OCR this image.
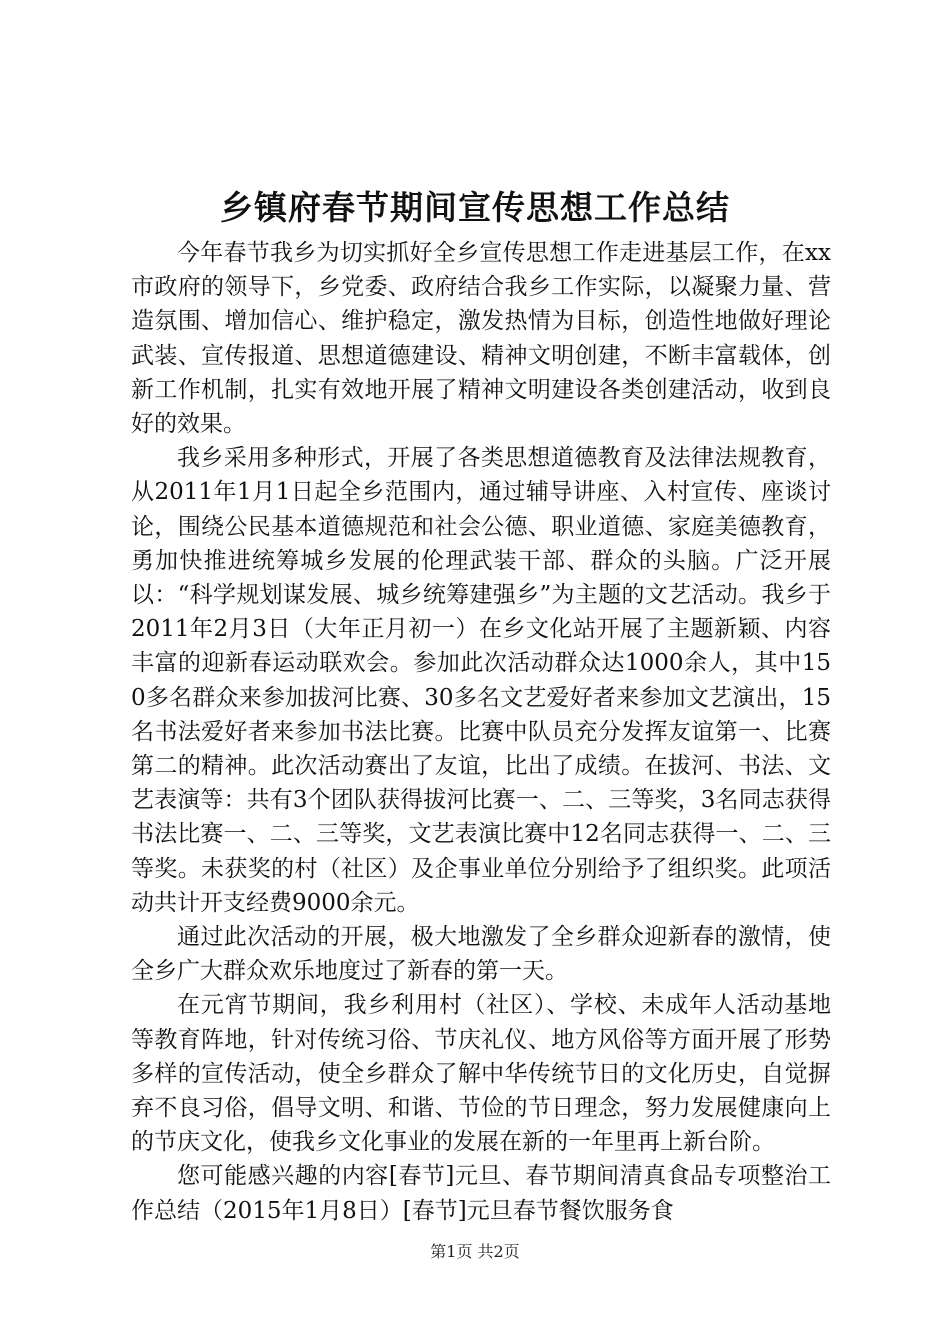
乡镇府春节期间宣传思想工作总结

今年春节我乡为切实抓好全乡宣传思想工作走进基层工作，在xx市政府的领导下，乡党委、政府结合我乡工作实际，以凝聚力量、营造氛围、增加信心、维护稳定，激发热情为目标，创造性地做好理论武装、宣传报道、思想道德建设、精神文明创建，不断丰富载体，创新工作机制，扎实有效地开展了精神文明建设各类创建活动，收到良好的效果。

我乡采用多种形式，开展了各类思想道德教育及法律法规教育，从2011年1月1日起全乡范围内，通过辅导讲座、入村宣传、座谈讨论，围绕公民基本道德规范和社会公德、职业道德、家庭美德教育，勇加快推进统筹城乡发展的伦理武装干部、群众的头脑。广泛开展以：“科学规划谋发展、城乡统筹建强乡”为主题的文艺活动。我乡于2011年2月3日（大年正月初一）在乡文化站开展了主题新颖、内容丰富的迎新春运动联欢会。参加此次活动群众达1000余人，其中150多名群众来参加拔河比赛、30多名文艺爱好者来参加文艺演出，15名书法爱好者来参加书法比赛。比赛中队员充分发挥友谊第一、比赛第二的精神。此次活动赛出了友谊，比出了成绩。在拔河、书法、文艺表演等：共有3个团队获得拔河比赛一、二、三等奖，3名同志获得书法比赛一、二、三等奖，文艺表演比赛中12名同志获得一、二、三等奖。未获奖的村（社区）及企事业单位分别给予了组织奖。此项活动共计开支经费9000余元。

通过此次活动的开展，极大地激发了全乡群众迎新春的激情，使全乡广大群众欢乐地度过了新春的第一天。

在元宵节期间，我乡利用村（社区）、学校、未成年人活动基地等教育阵地，针对传统习俗、节庆礼仪、地方风俗等方面开展了形势多样的宣传活动，使全乡群众了解中华传统节日的文化历史，自觉摒弃不良习俗，倡导文明、和谐、节俭的节日理念，努力发展健康向上的节庆文化，使我乡文化事业的发展在新的一年里再上新台阶。

您可能感兴趣的内容[春节]元旦、春节期间清真食品专项整治工作总结（2015年1月8日）[春节]元旦春节餐饮服务食

第1页 共2页
